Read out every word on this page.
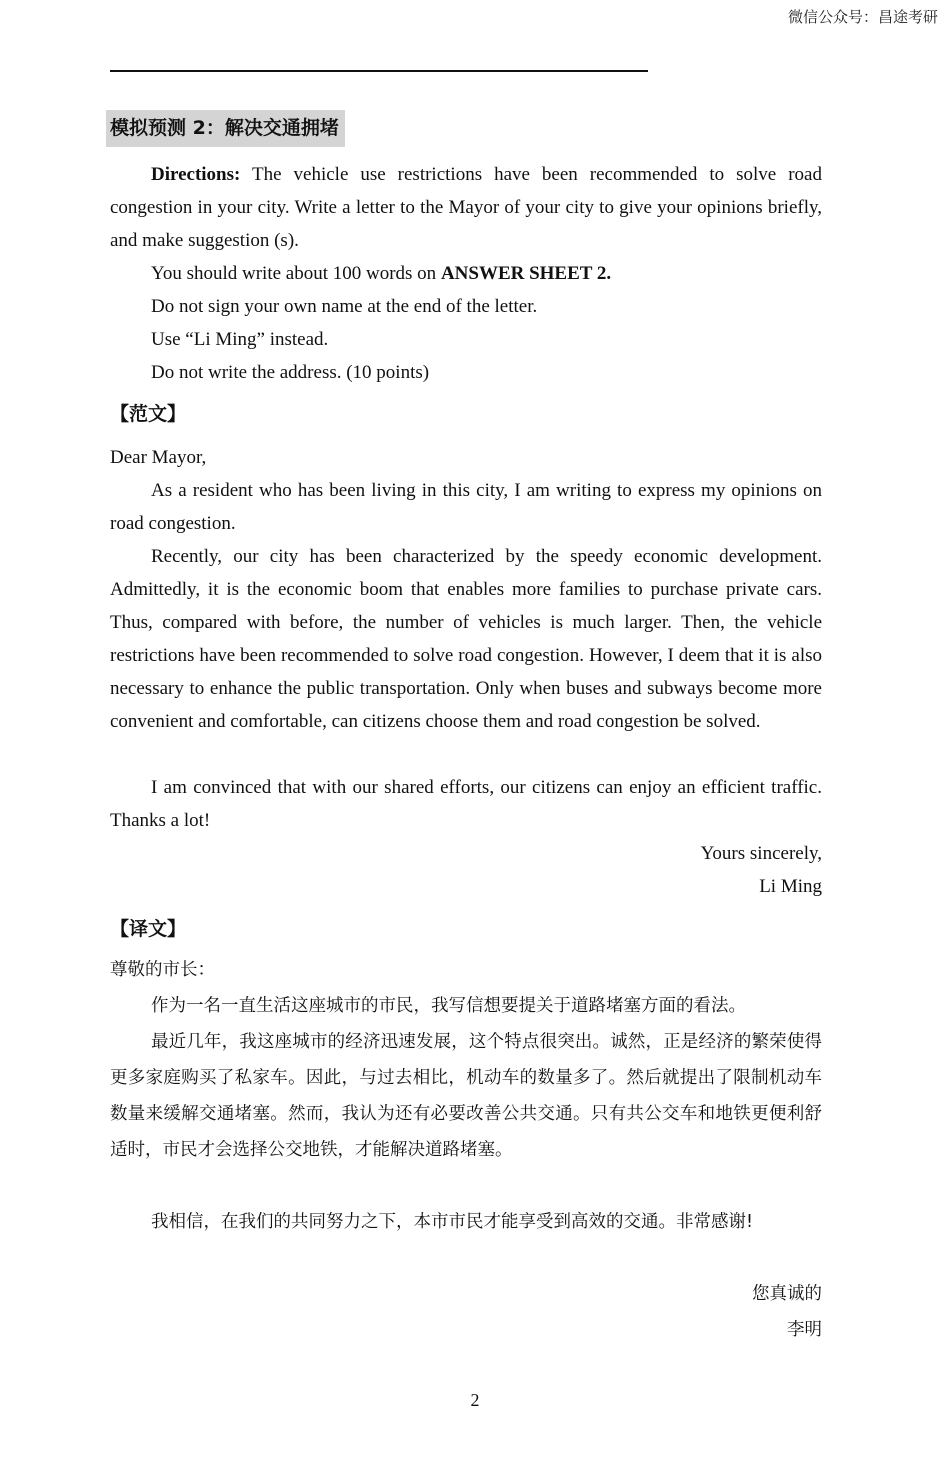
微信公众号：昌途考研
模拟预测 2：解决交通拥堵
Directions: The vehicle use restrictions have been recommended to solve road congestion in your city. Write a letter to the Mayor of your city to give your opinions briefly, and make suggestion (s).
You should write about 100 words on ANSWER SHEET 2.
Do not sign your own name at the end of the letter.
Use “Li Ming” instead.
Do not write the address. (10 points)
【范文】
Dear Mayor,
As a resident who has been living in this city, I am writing to express my opinions on road congestion.
Recently, our city has been characterized by the speedy economic development. Admittedly, it is the economic boom that enables more families to purchase private cars. Thus, compared with before, the number of vehicles is much larger. Then, the vehicle restrictions have been recommended to solve road congestion. However, I deem that it is also necessary to enhance the public transportation. Only when buses and subways become more convenient and comfortable, can citizens choose them and road congestion be solved.
I am convinced that with our shared efforts, our citizens can enjoy an efficient traffic. Thanks a lot!
Yours sincerely,
Li Ming
【译文】
尊敬的市长：
作为一名一直生活这座城市的市民，我写信想要提关于道路堵塞方面的看法。
最近几年，我这座城市的经济迅速发展，这个特点很突出。诚然，正是经济的繁荣使得更多家庭购买了私家车。因此，与过去相比，机动车的数量多了。然后就提出了限制机动车数量来缓解交通堵塞。然而，我认为还有必要改善公共交通。只有共公交车和地铁更便利舒适时，市民才会选择公交地铁，才能解决道路堵塞。
我相信，在我们的共同努力之下，本市市民才能享受到高效的交通。非常感谢!
您真诚的
李明
2
